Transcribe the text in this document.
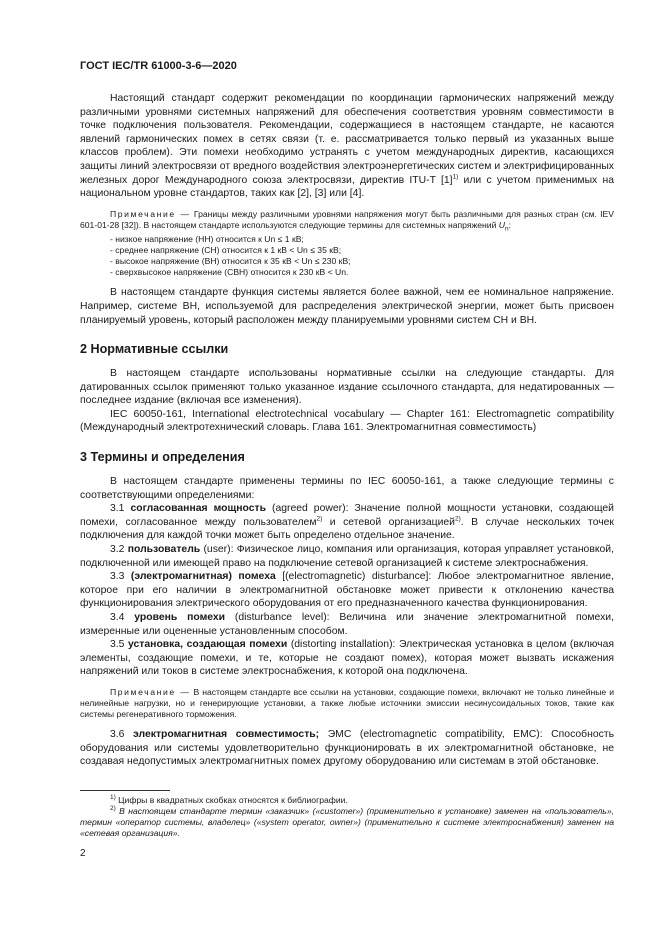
ГОСТ IEC/TR 61000-3-6—2020

Настоящий стандарт содержит рекомендации по координации гармонических напряжений между различными уровнями системных напряжений для обеспечения соответствия уровням совместимости в точке подключения пользователя. Рекомендации, содержащиеся в настоящем стандарте, не касаются явлений гармонических помех в сетях связи (т. е. рассматривается только первый из указанных выше классов проблем). Эти помехи необходимо устранять с учетом международных директив, касающихся защиты линий электросвязи от вредного воздействия электроэнергетических систем и электрифицированных железных дорог Международного союза электросвязи, директив ITU-T $[1]^{1)}$ или с учетом применимых на национальном уровне стандартов, таких как [2], [3] или [4].

Примечание — Границы между различными уровнями напряжения могут быть различными для разных стран (см. IEV 601-01-28 [32]). В настоящем стандарте используются следующие термины для системных напряжений $U_n$:

- низкое напряжение (НН) относится к Un ≤ 1 кВ;
- среднее напряжение (СН) относится к 1 кВ < Un ≤ 35 кВ;
- высокое напряжение (ВН) относится к 35 кВ < Un ≤ 230 кВ;
- сверхвысокое напряжение (СВН) относится к 230 кВ < Un.

В настоящем стандарте функция системы является более важной, чем ее номинальное напряжение. Например, системе ВН, используемой для распределения электрической энергии, может быть присвоен планируемый уровень, который расположен между планируемыми уровнями систем СН и ВН.

2 Нормативные ссылки

В настоящем стандарте использованы нормативные ссылки на следующие стандарты. Для датированных ссылок применяют только указанное издание ссылочного стандарта, для недатированных — последнее издание (включая все изменения).

IEC 60050-161, International electrotechnical vocabulary — Chapter 161: Electromagnetic compatibility (Международный электротехнический словарь. Глава 161. Электромагнитная совместимость)

3 Термины и определения

В настоящем стандарте применены термины по IEC 60050-161, а также следующие термины с соответствующими определениями:

3.1 согласованная мощность (agreed power): Значение полной мощности установки, создающей помехи, согласованное между пользователем$^{2)}$ и сетевой организацией$^{2)}$. В случае нескольких точек подключения для каждой точки может быть определено отдельное значение.

3.2 пользователь (user): Физическое лицо, компания или организация, которая управляет установкой, подключенной или имеющей право на подключение сетевой организацией к системе электроснабжения.

3.3 (электромагнитная) помеха [(electromagnetic) disturbance]: Любое электромагнитное явление, которое при его наличии в электромагнитной обстановке может привести к отклонению качества функционирования электрического оборудования от его предназначенного качества функционирования.

3.4 уровень помехи (disturbance level): Величина или значение электромагнитной помехи, измеренные или оцененные установленным способом.

3.5 установка, создающая помехи (distorting installation): Электрическая установка в целом (включая элементы, создающие помехи, и те, которые не создают помех), которая может вызвать искажения напряжений или токов в системе электроснабжения, к которой она подключена.

Примечание — В настоящем стандарте все ссылки на установки, создающие помехи, включают не только линейные и нелинейные нагрузки, но и генерирующие установки, а также любые источники эмиссии несинусоидальных токов, такие как системы регенеративного торможения.

3.6 электромагнитная совместимость; ЭМС (electromagnetic compatibility, EMC): Способность оборудования или системы удовлетворительно функционировать в их электромагнитной обстановке, не создавая недопустимых электромагнитных помех другому оборудованию или системам в этой обстановке.

$^{1)}$ Цифры в квадратных скобках относятся к библиографии.

$^{2)}$ В настоящем стандарте термин «заказчик» («customer») (применительно к установке) заменен на «пользователь», термин «оператор системы, владелец» («system operator, owner») (применительно к системе электроснабжения) заменен на «сетевая организация».

2
